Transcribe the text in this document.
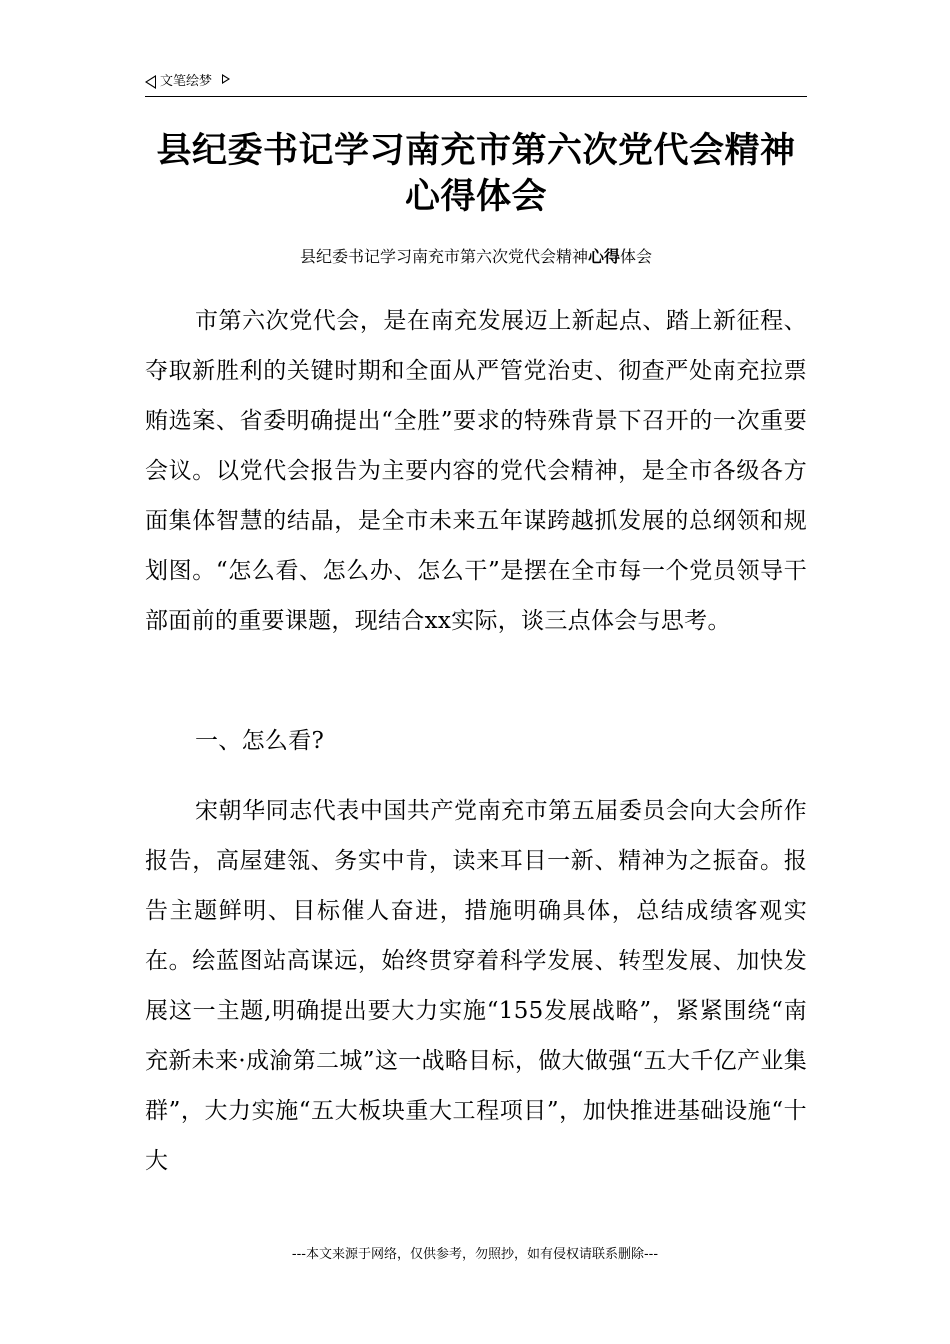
文笔绘梦
县纪委书记学习南充市第六次党代会精神心得体会
县纪委书记学习南充市第六次党代会精神心得体会

市第六次党代会，是在南充发展迈上新起点、踏上新征程、夺取新胜利的关键时期和全面从严管党治吏、彻查严处南充拉票贿选案、省委明确提出“全胜”要求的特殊背景下召开的一次重要会议。以党代会报告为主要内容的党代会精神，是全市各级各方面集体智慧的结晶，是全市未来五年谋跨越抓发展的总纲领和规划图。“怎么看、怎么办、怎么干”是摆在全市每一个党员领导干部面前的重要课题，现结合xx实际，谈三点体会与思考。

一、怎么看?

宋朝华同志代表中国共产党南充市第五届委员会向大会所作报告，高屋建瓴、务实中肯，读来耳目一新、精神为之振奋。报告主题鲜明、目标催人奋进，措施明确具体，总结成绩客观实在。绘蓝图站高谋远，始终贯穿着科学发展、转型发展、加快发展这一主题,明确提出要大力实施“155发展战略”，紧紧围绕“南充新未来·成渝第二城”这一战略目标，做大做强“五大千亿产业集群”，大力实施“五大板块重大工程项目”，加快推进基础设施“十大

---本文来源于网络，仅供参考，勿照抄，如有侵权请联系删除---
